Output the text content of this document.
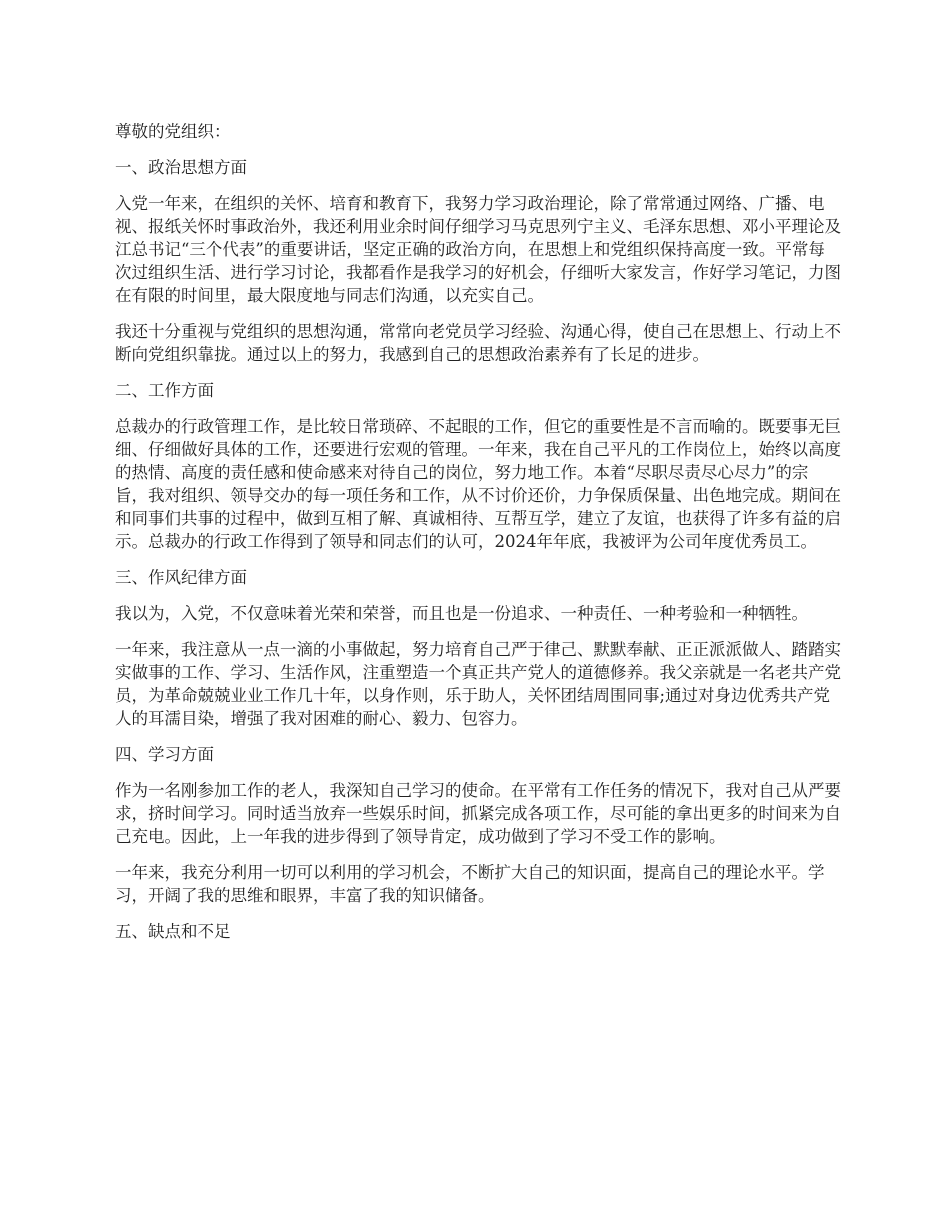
尊敬的党组织：

一、政治思想方面

入党一年来，在组织的关怀、培育和教育下，我努力学习政治理论，除了常常通过网络、广播、电视、报纸关怀时事政治外，我还利用业余时间仔细学习马克思列宁主义、毛泽东思想、邓小平理论及江总书记“三个代表”的重要讲话，坚定正确的政治方向，在思想上和党组织保持高度一致。平常每次过组织生活、进行学习讨论，我都看作是我学习的好机会，仔细听大家发言，作好学习笔记，力图在有限的时间里，最大限度地与同志们沟通，以充实自己。

我还十分重视与党组织的思想沟通，常常向老党员学习经验、沟通心得，使自己在思想上、行动上不断向党组织靠拢。通过以上的努力，我感到自己的思想政治素养有了长足的进步。

二、工作方面

总裁办的行政管理工作，是比较日常琐碎、不起眼的工作，但它的重要性是不言而喻的。既要事无巨细、仔细做好具体的工作，还要进行宏观的管理。一年来，我在自己平凡的工作岗位上，始终以高度的热情、高度的责任感和使命感来对待自己的岗位，努力地工作。本着“尽职尽责尽心尽力”的宗旨，我对组织、领导交办的每一项任务和工作，从不讨价还价，力争保质保量、出色地完成。期间在和同事们共事的过程中，做到互相了解、真诚相待、互帮互学，建立了友谊，也获得了许多有益的启示。总裁办的行政工作得到了领导和同志们的认可，2024年年底，我被评为公司年度优秀员工。

三、作风纪律方面

我以为，入党，不仅意味着光荣和荣誉，而且也是一份追求、一种责任、一种考验和一种牺牲。

一年来，我注意从一点一滴的小事做起，努力培育自己严于律己、默默奉献、正正派派做人、踏踏实实做事的工作、学习、生活作风，注重塑造一个真正共产党人的道德修养。我父亲就是一名老共产党员，为革命兢兢业业工作几十年，以身作则，乐于助人，关怀团结周围同事;通过对身边优秀共产党人的耳濡目染，增强了我对困难的耐心、毅力、包容力。

四、学习方面

作为一名刚参加工作的老人，我深知自己学习的使命。在平常有工作任务的情况下，我对自己从严要求，挤时间学习。同时适当放弃一些娱乐时间，抓紧完成各项工作，尽可能的拿出更多的时间来为自己充电。因此，上一年我的进步得到了领导肯定，成功做到了学习不受工作的影响。

一年来，我充分利用一切可以利用的学习机会，不断扩大自己的知识面，提高自己的理论水平。学习，开阔了我的思维和眼界，丰富了我的知识储备。

五、缺点和不足
